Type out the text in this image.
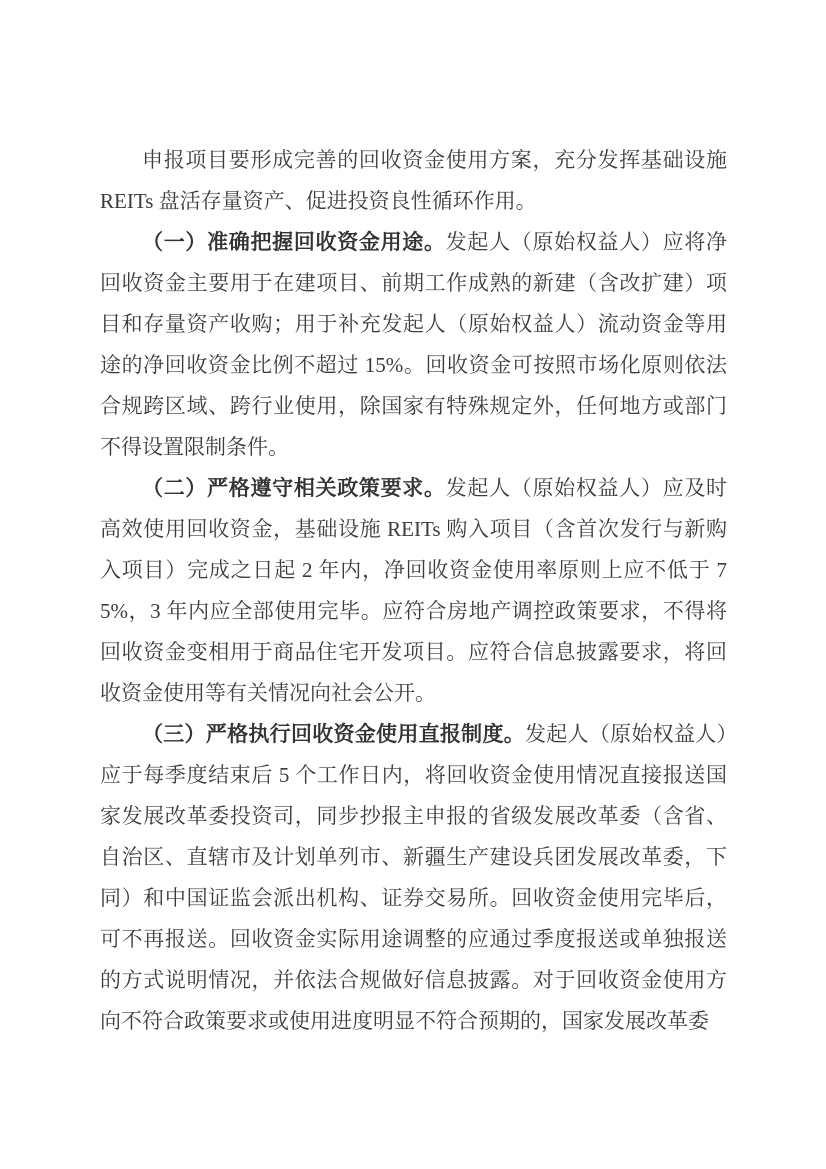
申报项目要形成完善的回收资金使用方案，充分发挥基础设施 REITs 盘活存量资产、促进投资良性循环作用。

（一）准确把握回收资金用途。发起人（原始权益人）应将净回收资金主要用于在建项目、前期工作成熟的新建（含改扩建）项目和存量资产收购；用于补充发起人（原始权益人）流动资金等用途的净回收资金比例不超过 15%。回收资金可按照市场化原则依法合规跨区域、跨行业使用，除国家有特殊规定外，任何地方或部门不得设置限制条件。

（二）严格遵守相关政策要求。发起人（原始权益人）应及时高效使用回收资金，基础设施 REITs 购入项目（含首次发行与新购入项目）完成之日起 2 年内，净回收资金使用率原则上应不低于 75%，3 年内应全部使用完毕。应符合房地产调控政策要求，不得将回收资金变相用于商品住宅开发项目。应符合信息披露要求，将回收资金使用等有关情况向社会公开。

（三）严格执行回收资金使用直报制度。发起人（原始权益人）应于每季度结束后 5 个工作日内，将回收资金使用情况直接报送国家发展改革委投资司，同步抄报主申报的省级发展改革委（含省、自治区、直辖市及计划单列市、新疆生产建设兵团发展改革委，下同）和中国证监会派出机构、证券交易所。回收资金使用完毕后，可不再报送。回收资金实际用途调整的应通过季度报送或单独报送的方式说明情况，并依法合规做好信息披露。对于回收资金使用方向不符合政策要求或使用进度明显不符合预期的，国家发展改革委
